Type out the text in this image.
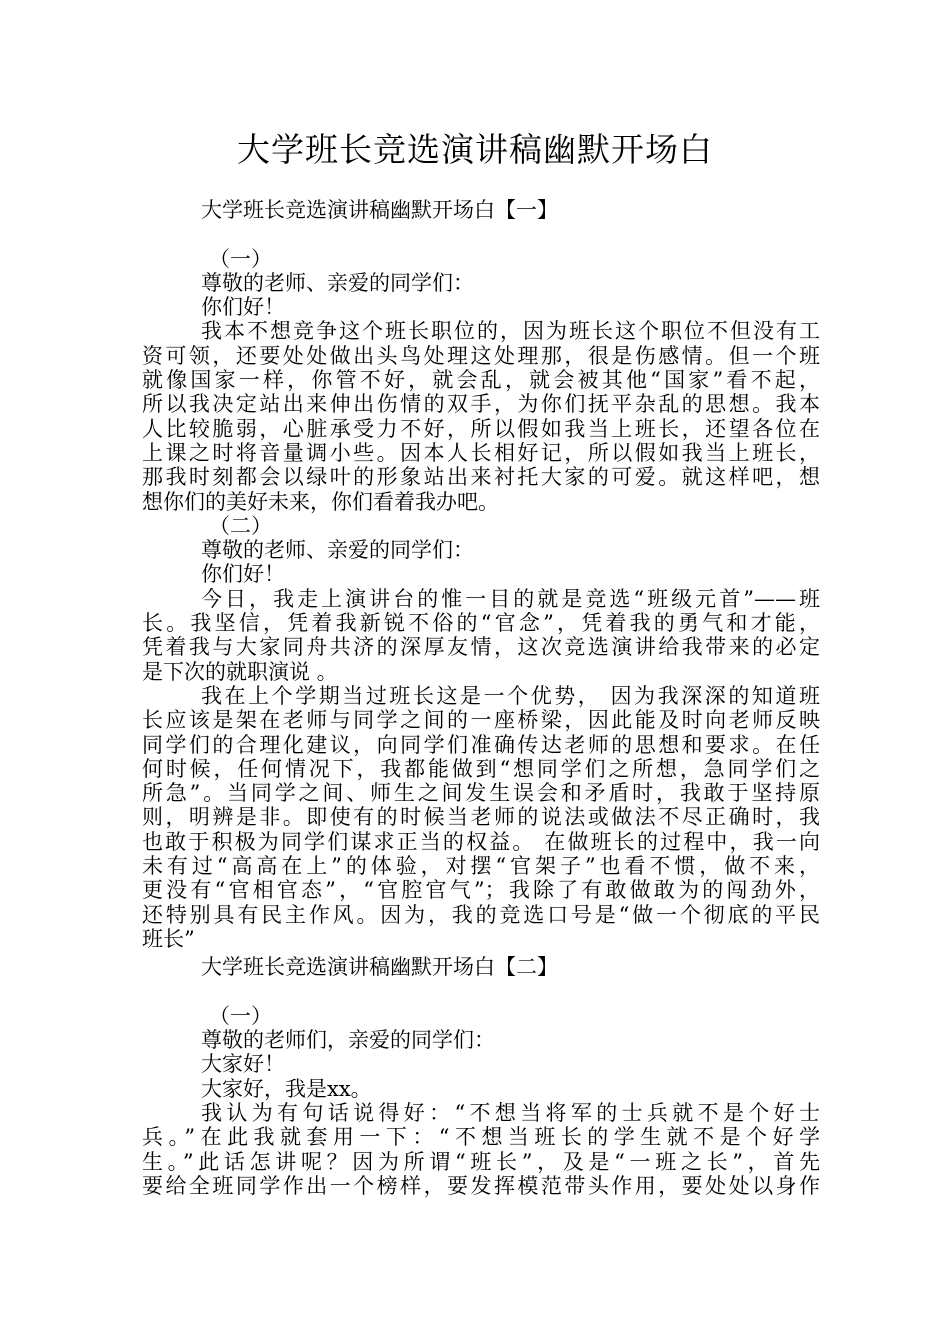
大学班长竞选演讲稿幽默开场白
大学班长竞选演讲稿幽默开场白【一】
（一）
尊敬的老师、亲爱的同学们：
你们好！
我本不想竞争这个班长职位的，因为班长这个职位不但没有工
资可领，还要处处做出头鸟处理这处理那，很是伤感情。但一个班
就像国家一样，你管不好，就会乱，就会被其他“国家”看不起，
所以我决定站出来伸出伤情的双手，为你们抚平杂乱的思想。我本
人比较脆弱，心脏承受力不好，所以假如我当上班长，还望各位在
上课之时将音量调小些。因本人长相好记，所以假如我当上班长，
那我时刻都会以绿叶的形象站出来衬托大家的可爱。就这样吧，想
想你们的美好未来，你们看着我办吧。
（二）
尊敬的老师、亲爱的同学们：
你们好！
今日，我走上演讲台的惟一目的就是竞选“班级元首”——班
长。我坚信，凭着我新锐不俗的“官念”，凭着我的勇气和才能，
凭着我与大家同舟共济的深厚友情，这次竞选演讲给我带来的必定
是下次的就职演说 。
我在上个学期当过班长这是一个优势， 因为我深深的知道班
长应该是架在老师与同学之间的一座桥梁，因此能及时向老师反映
同学们的合理化建议，向同学们准确传达老师的思想和要求。在任
何时候，任何情况下，我都能做到“想同学们之所想，急同学们之
所急”。当同学之间、师生之间发生误会和矛盾时，我敢于坚持原
则，明辨是非。即使有的时候当老师的说法或做法不尽正确时，我
也敢于积极为同学们谋求正当的权益。 在做班长的过程中，我一向
未有过“高高在上”的体验，对摆“官架子”也看不惯，做不来，
更没有“官相官态”，“官腔官气”；我除了有敢做敢为的闯劲外，
还特别具有民主作风。因为，我的竞选口号是“做一个彻底的平民
班长”
大学班长竞选演讲稿幽默开场白【二】
（一）
尊敬的老师们，亲爱的同学们：
大家好！
大家好，我是xx。
我认为有句话说得好：“不想当将军的士兵就不是个好士
兵。”在此我就套用一下：“不想当班长的学生就不是个好学
生。”此话怎讲呢？因为所谓“班长”，及是“一班之长”，首先
要给全班同学作出一个榜样，要发挥模范带头作用，要处处以身作
